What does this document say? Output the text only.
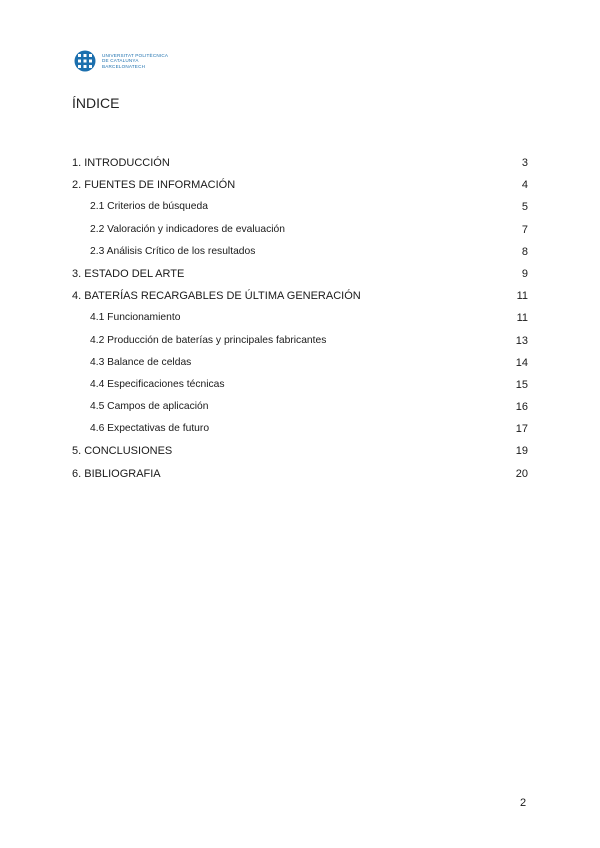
UNIVERSITAT POLITÈCNICA
DE CATALUNYA
BARCELONATECH
ÍNDICE
1. INTRODUCCIÓN	3
2. FUENTES DE INFORMACIÓN	4
2.1 Criterios de búsqueda	5
2.2 Valoración y indicadores de evaluación	7
2.3 Análisis Crítico de los resultados	8
3. ESTADO DEL ARTE	9
4. BATERÍAS RECARGABLES DE ÚLTIMA GENERACIÓN	11
4.1 Funcionamiento	11
4.2 Producción de baterías y principales fabricantes	13
4.3 Balance de celdas	14
4.4 Especificaciones técnicas	15
4.5 Campos de aplicación	16
4.6 Expectativas de futuro	17
5. CONCLUSIONES	19
6. BIBLIOGRAFIA	20
2
